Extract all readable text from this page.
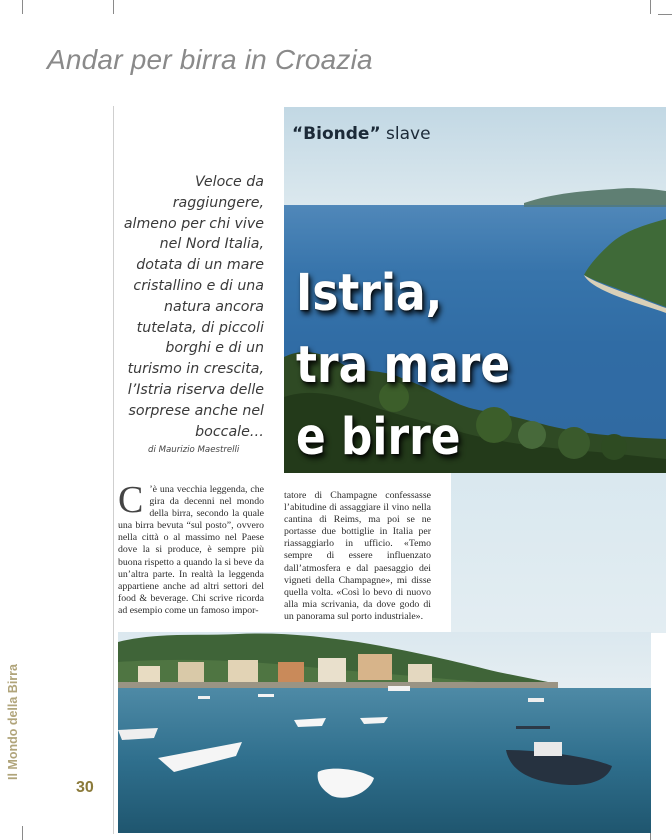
Andar per birra in Croazia
“Bionde” slave
Istria,
tra mare
e birre

Veloce da raggiungere, almeno per chi vive nel Nord Italia, dotata di un mare cristallino e di una natura ancora tutelata, di piccoli borghi e di un turismo in crescita, l’Istria riserva delle sorprese anche nel boccale…

di Maurizio Maestrelli

C ’è una vecchia leggenda, che gira da decenni nel mondo della birra, secondo la quale una birra bevuta “sul posto”, ovvero nella città o al massimo nel Paese dove la si produce, è sempre più buona rispetto a quando la si beve da un’altra parte. In realtà la leggenda appartiene anche ad altri settori del food & beverage. Chi scrive ricorda ad esempio come un famoso impor-

tatore di Champagne confessasse l’abitudine di assaggiare il vino nella cantina di Reims, ma poi se ne portasse due bottiglie in Italia per riassaggiarlo in ufficio. «Temo sempre di essere influenzato dall’atmosfera e dal paesaggio dei vigneti della Champagne», mi disse quella volta. «Così lo bevo di nuovo alla mia scrivania, da dove godo di un panorama sul porto industriale».

Il Mondo della Birra
30
